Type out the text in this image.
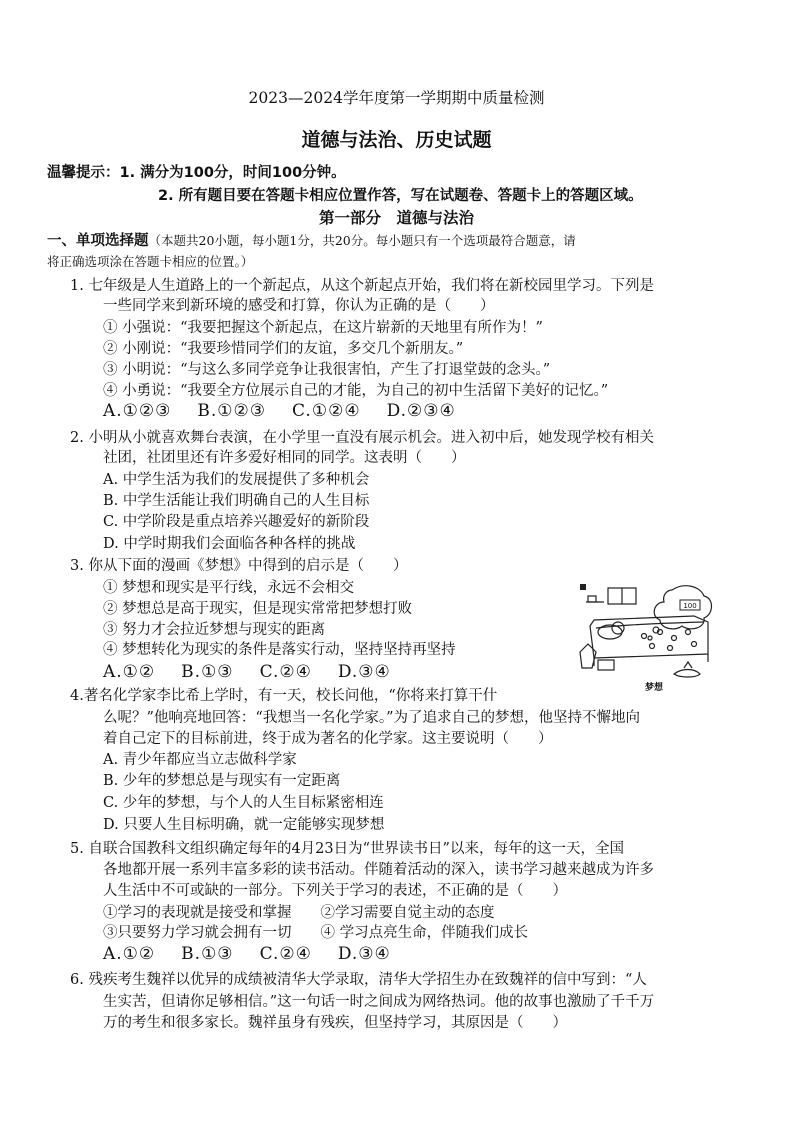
2023—2024学年度第一学期期中质量检测
道德与法治、历史试题
温馨提示：1. 满分为100分，时间100分钟。
2. 所有题目要在答题卡相应位置作答，写在试题卷、答题卡上的答题区域。
第一部分　道德与法治
一、单项选择题（本题共20小题，每小题1分，共20分。每小题只有一个选项最符合题意，请
将正确选项涂在答题卡相应的位置。）
1. 七年级是人生道路上的一个新起点，从这个新起点开始，我们将在新校园里学习。下列是
一些同学来到新环境的感受和打算，你认为正确的是（　　）
① 小强说：“我要把握这个新起点，在这片崭新的天地里有所作为！”
② 小刚说：“我要珍惜同学们的友谊，多交几个新朋友。”
③ 小明说：“与这么多同学竞争让我很害怕，产生了打退堂鼓的念头。”
④ 小勇说：“我要全方位展示自己的才能，为自己的初中生活留下美好的记忆。”
A.①②③ B.①②③ C.①②④ D.②③④
2. 小明从小就喜欢舞台表演，在小学里一直没有展示机会。进入初中后，她发现学校有相关
社团，社团里还有许多爱好相同的同学。这表明（　　）
A. 中学生活为我们的发展提供了多种机会
B. 中学生活能让我们明确自己的人生目标
C. 中学阶段是重点培养兴趣爱好的新阶段
D. 中学时期我们会面临各种各样的挑战
3. 你从下面的漫画《梦想》中得到的启示是（　　）
① 梦想和现实是平行线，永远不会相交
② 梦想总是高于现实，但是现实常常把梦想打败
③ 努力才会拉近梦想与现实的距离
④ 梦想转化为现实的条件是落实行动，坚持坚持再坚持
A.①② B.①③ C.②④ D.③④
100
梦想
4.著名化学家李比希上学时，有一天，校长问他，“你将来打算干什
么呢？”他响亮地回答：“我想当一名化学家。”为了追求自己的梦想，他坚持不懈地向
着自己定下的目标前进，终于成为著名的化学家。这主要说明（　　）
A. 青少年都应当立志做科学家
B. 少年的梦想总是与现实有一定距离
C. 少年的梦想，与个人的人生目标紧密相连
D. 只要人生目标明确，就一定能够实现梦想
5. 自联合国教科文组织确定每年的4月23日为“世界读书日”以来，每年的这一天，全国
各地都开展一系列丰富多彩的读书活动。伴随着活动的深入，读书学习越来越成为许多
人生活中不可或缺的一部分。下列关于学习的表述，不正确的是（　　）
①学习的表现就是接受和掌握　　②学习需要自觉主动的态度
③只要努力学习就会拥有一切　　④ 学习点亮生命，伴随我们成长
A.①② B.①③ C.②④ D.③④
6. 残疾考生魏祥以优异的成绩被清华大学录取，清华大学招生办在致魏祥的信中写到：“人
生实苦，但请你足够相信。”这一句话一时之间成为网络热词。他的故事也激励了千千万
万的考生和很多家长。魏祥虽身有残疾，但坚持学习，其原因是（　　）
